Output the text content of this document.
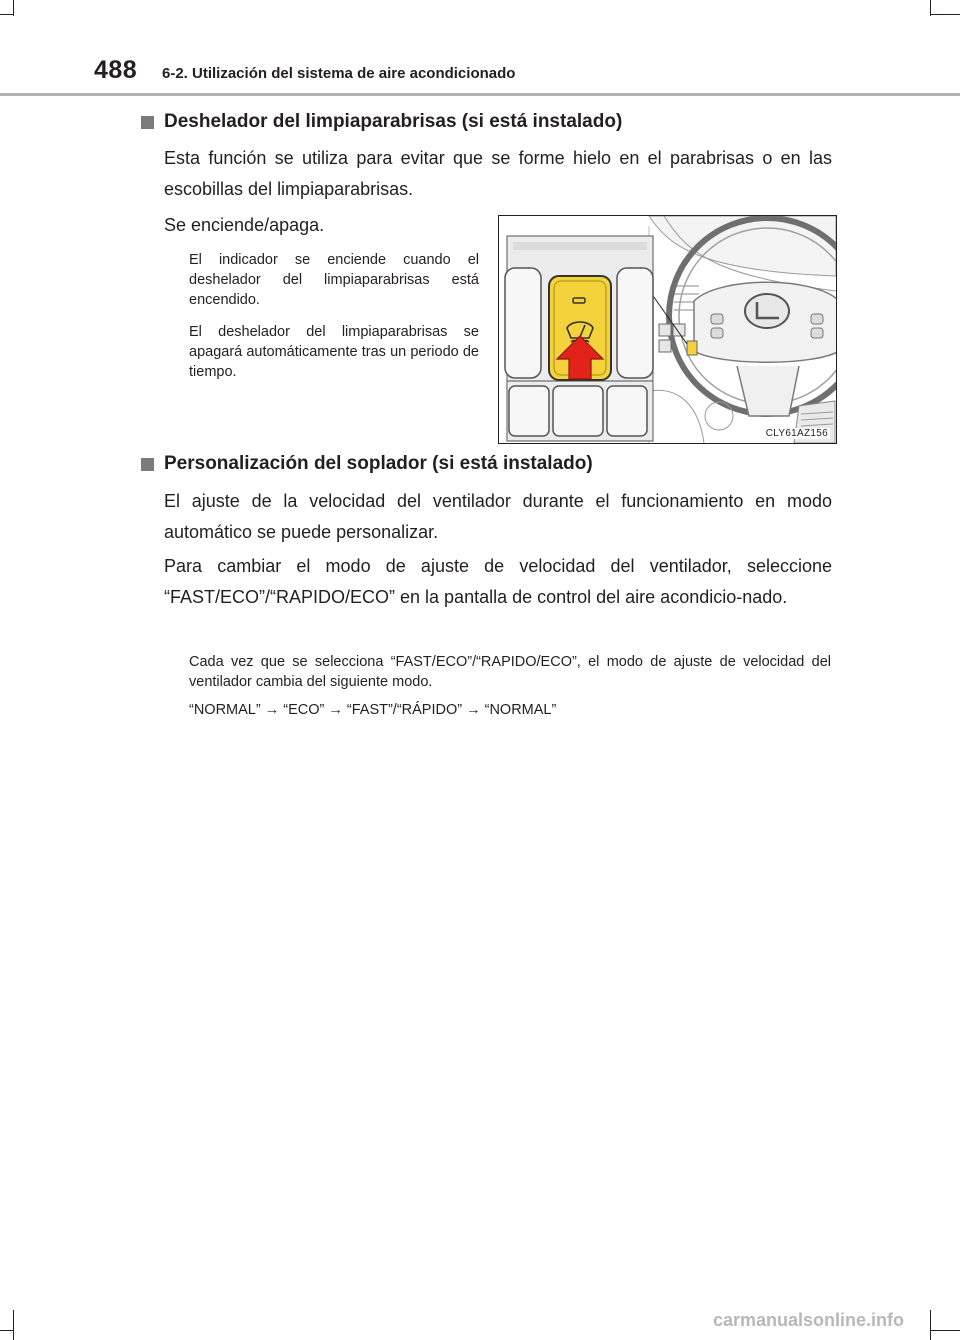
488 6-2. Utilización del sistema de aire acondicionado
Deshelador del limpiaparabrisas (si está instalado)
Esta función se utiliza para evitar que se forme hielo en el parabrisas o en las escobillas del limpiaparabrisas.
Se enciende/apaga.
El indicador se enciende cuando el deshelador del limpiaparabrisas está encendido.
El deshelador del limpiaparabrisas se apagará automáticamente tras un periodo de tiempo.
CLY61AZ156
Personalización del soplador (si está instalado)
El ajuste de la velocidad del ventilador durante el funcionamiento en modo automático se puede personalizar.
Para cambiar el modo de ajuste de velocidad del ventilador, seleccione “FAST/ECO”/“RAPIDO/ECO” en la pantalla de control del aire acondicio-nado.
Cada vez que se selecciona “FAST/ECO”/“RAPIDO/ECO”, el modo de ajuste de velocidad del ventilador cambia del siguiente modo.
“NORMAL” → “ECO” → “FAST”/“RÁPIDO” → “NORMAL”
carmanualsonline.info
